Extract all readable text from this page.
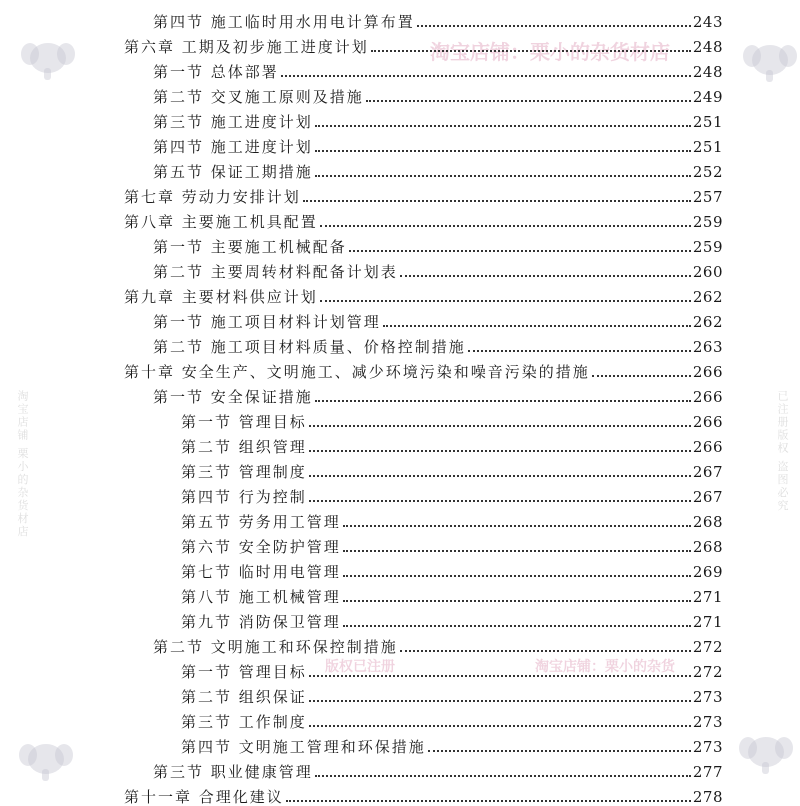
淘宝店铺：栗小的杂货材店
版权已注册	淘宝店铺：栗小的杂货
淘宝店铺 栗小的杂货材店	已注册版权 盗图必究
第四节 施工临时用水用电计算布置	243
第六章 工期及初步施工进度计划	248
第一节 总体部署	248
第二节 交叉施工原则及措施	249
第三节 施工进度计划	251
第四节 施工进度计划	251
第五节 保证工期措施	252
第七章 劳动力安排计划	257
第八章 主要施工机具配置	259
第一节 主要施工机械配备	259
第二节 主要周转材料配备计划表	260
第九章 主要材料供应计划	262
第一节 施工项目材料计划管理	262
第二节 施工项目材料质量、价格控制措施	263
第十章 安全生产、文明施工、减少环境污染和噪音污染的措施	266
第一节 安全保证措施	266
第一节 管理目标	266
第二节 组织管理	266
第三节 管理制度	267
第四节 行为控制	267
第五节 劳务用工管理	268
第六节 安全防护管理	268
第七节 临时用电管理	269
第八节 施工机械管理	271
第九节 消防保卫管理	271
第二节 文明施工和环保控制措施	272
第一节 管理目标	272
第二节 组织保证	273
第三节 工作制度	273
第四节 文明施工管理和环保措施	273
第三节 职业健康管理	277
第十一章 合理化建议	278
